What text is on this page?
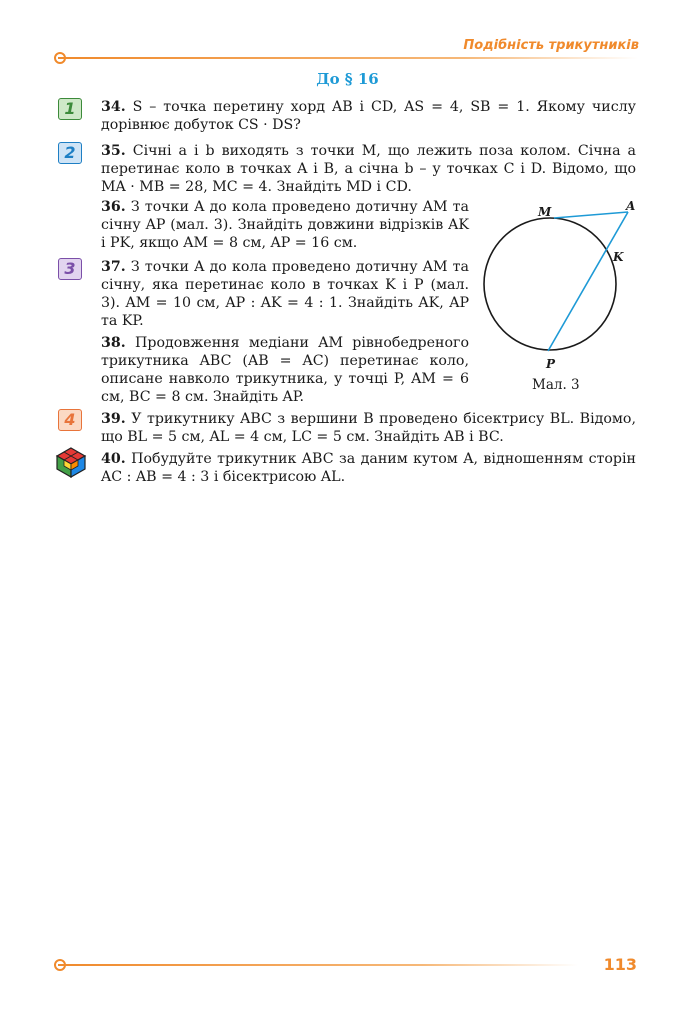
Подібність трикутників
До § 16
1
2
3
4
34. S – точка перетину хорд AB і CD, AS = 4, SB = 1. Якому числу дорівнює добуток CS · DS?
35. Січні a і b виходять з точки M, що лежить поза колом. Січна a перетинає коло в точках A і B, а січна b – у точках C і D. Відомо, що MA · MB = 28, MC = 4. Знайдіть MD і CD.
36. З точки A до кола проведено дотичну AM та січну AP (мал. 3). Знайдіть довжини відрізків AK і PK, якщо AM = 8 см, AP = 16 см.
37. З точки A до кола проведено дотичну AM та січну, яка перетинає коло в точках K і P (мал. 3). AM = 10 см, AP : AK = 4 : 1. Знайдіть AK, AP та KP.
38. Продовження медіани AM рівнобедреного трикутника ABC (AB = AC) перетинає коло, описане навколо трикутника, у точці P, AM = 6 см, BC = 8 см. Знайдіть AP.
39. У трикутнику ABC з вершини B проведено бісектрису BL. Відомо, що BL = 5 см, AL = 4 см, LC = 5 см. Знайдіть AB і BC.
40. Побудуйте трикутник ABC за даним кутом A, відношенням сторін AC : AB = 4 : 3 і бісектрисою AL.
M	A
K
P
Мал. 3
113
